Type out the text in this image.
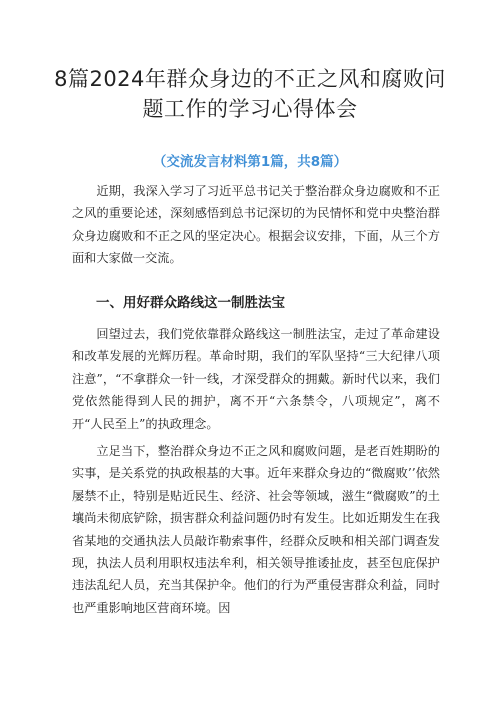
8篇2024年群众身边的不正之风和腐败问
题工作的学习心得体会
（交流发言材料第1篇，共8篇）
近期，我深入学习了习近平总书记关于整治群众身边腐败和不正之风的重要论述，深刻感悟到总书记深切的为民情怀和党中央整治群众身边腐败和不正之风的坚定决心。根据会议安排，下面，从三个方面和大家做一交流。
一、用好群众路线这一制胜法宝
回望过去，我们党依靠群众路线这一制胜法宝，走过了革命建设和改革发展的光辉历程。革命时期，我们的军队坚持“三大纪律八项注意”，“不拿群众一针一线，才深受群众的拥戴。新时代以来，我们党依然能得到人民的拥护，离不开“六条禁令，八项规定”，离不开“人民至上”的执政理念。
立足当下，整治群众身边不正之风和腐败问题，是老百姓期盼的实事，是关系党的执政根基的大事。近年来群众身边的“微腐败’’依然屡禁不止，特别是贴近民生、经济、社会等领域，滋生“微腐败”的土壤尚未彻底铲除，损害群众利益问题仍时有发生。比如近期发生在我省某地的交通执法人员敲诈勒索事件，经群众反映和相关部门调查发现，执法人员利用职权违法牟利，相关领导推诿扯皮，甚至包庇保护违法乱纪人员，充当其保护伞。他们的行为严重侵害群众利益，同时也严重影响地区营商环境。因
